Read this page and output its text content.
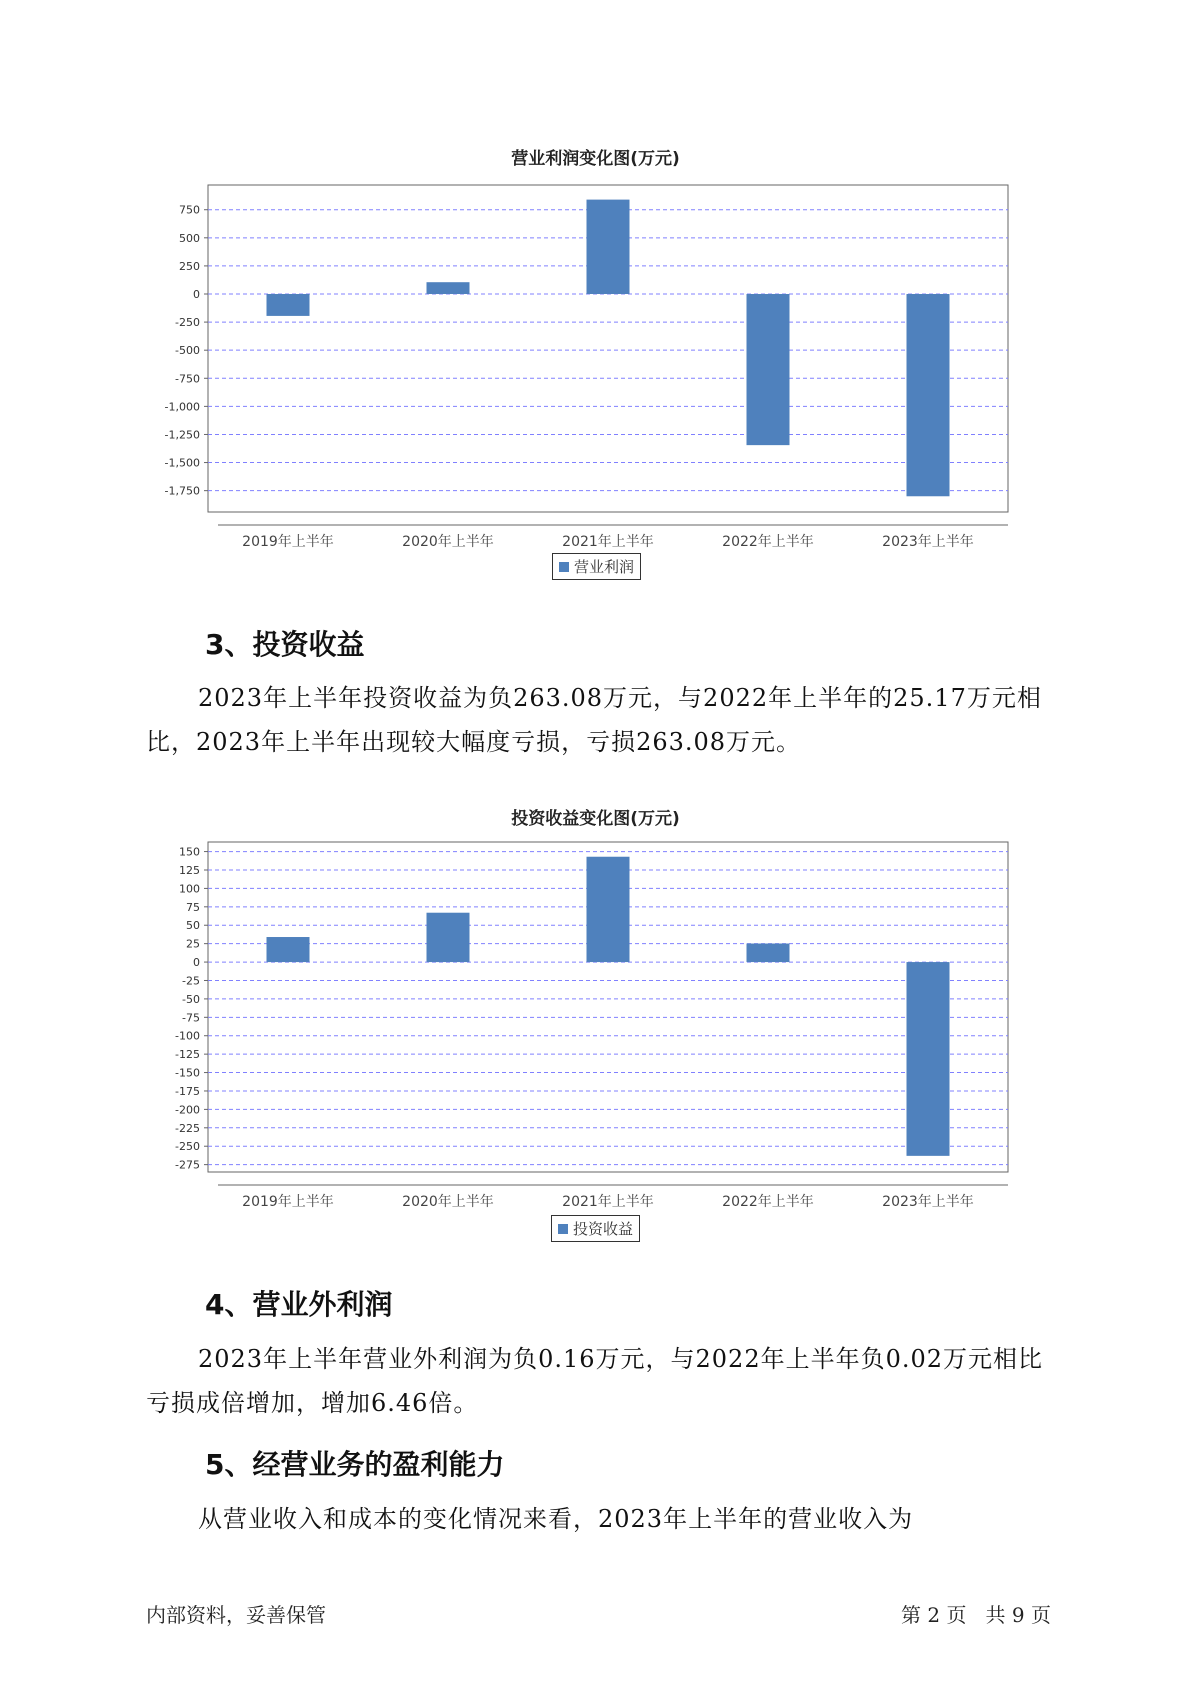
营业利润变化图(万元)
750
500
250
0
-250
-500
-750
-1,000
-1,250
-1,500
-1,750
2019年上半年	2020年上半年	2021年上半年	2022年上半年	2023年上半年
营业利润
3、投资收益

2023年上半年投资收益为负263.08万元，与2022年上半年的25.17万元相比，2023年上半年出现较大幅度亏损，亏损263.08万元。

投资收益变化图(万元)
150
125
100
75
50
25
0
-25
-50
-75
-100
-125
-150
-175
-200
-225
-250
-275
2019年上半年	2020年上半年	2021年上半年	2022年上半年	2023年上半年
投资收益
4、营业外利润

2023年上半年营业外利润为负0.16万元，与2022年上半年负0.02万元相比亏损成倍增加，增加6.46倍。

5、经营业务的盈利能力

从营业收入和成本的变化情况来看，2023年上半年的营业收入为

内部资料，妥善保管	第 2 页   共 9 页
